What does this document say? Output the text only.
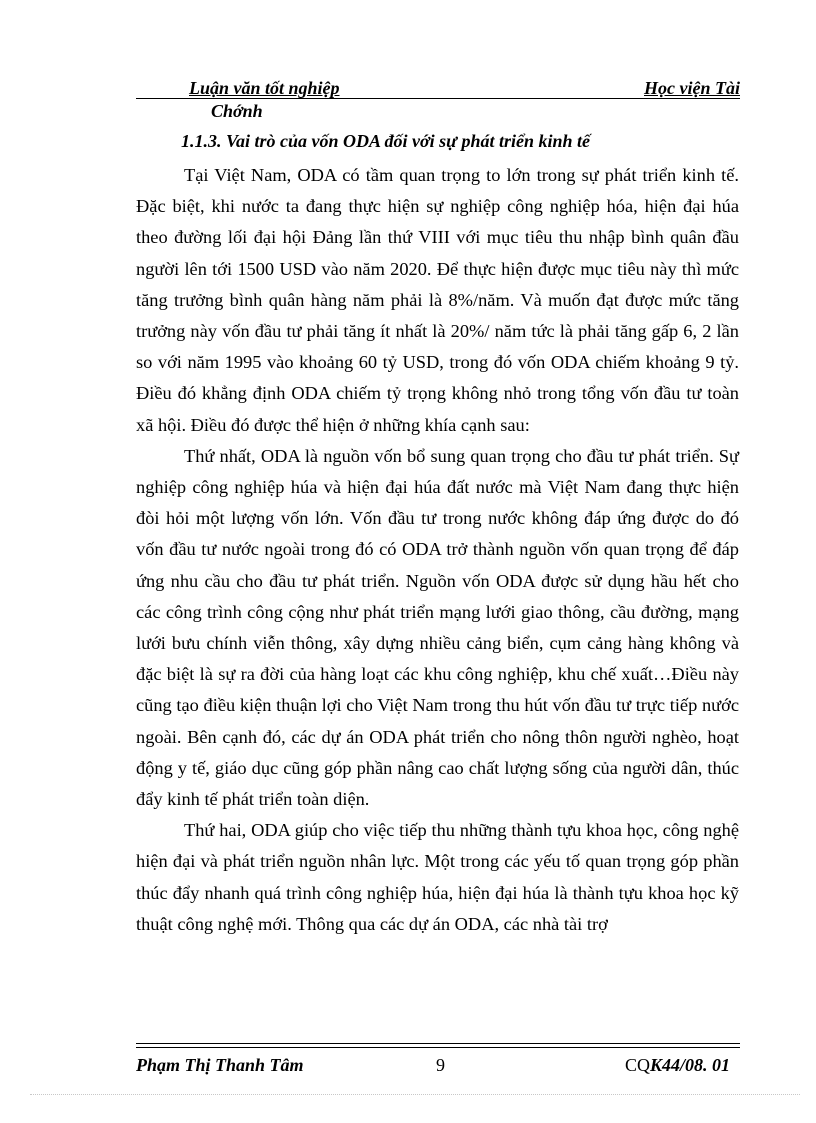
Luận văn tốt nghiệp	Học viện Tài
Chớnh
1.1.3. Vai trò của vốn ODA đối với sự phát triển kinh tế

Tại Việt Nam, ODA có tầm quan trọng to lớn trong sự phát triển kinh tế. Đặc biệt, khi nước ta đang thực hiện sự nghiệp công nghiệp hóa, hiện đại húa theo đường lối đại hội Đảng lần thứ VIII với mục tiêu thu nhập bình quân đầu người lên tới 1500 USD vào năm 2020. Để thực hiện được mục tiêu này thì mức tăng trưởng bình quân hàng năm phải là 8%/năm. Và muốn đạt được mức tăng trưởng này vốn đầu tư phải tăng ít nhất là 20%/ năm tức là phải tăng gấp 6, 2 lần so với năm 1995 vào khoảng 60 tỷ USD, trong đó vốn ODA chiếm khoảng 9 tỷ. Điều đó khẳng định ODA chiếm tỷ trọng không nhỏ trong tổng vốn đầu tư toàn xã hội. Điều đó được thể hiện ở những khía cạnh sau:

Thứ nhất, ODA là nguồn vốn bổ sung quan trọng cho đầu tư phát triển. Sự nghiệp công nghiệp húa và hiện đại húa đất nước mà Việt Nam đang thực hiện đòi hỏi một lượng vốn lớn. Vốn đầu tư trong nước không đáp ứng được do đó vốn đầu tư nước ngoài trong đó có ODA trở thành nguồn vốn quan trọng để đáp ứng nhu cầu cho đầu tư phát triển. Nguồn vốn ODA được sử dụng hầu hết cho các công trình công cộng như phát triển mạng lưới giao thông, cầu đường, mạng lưới bưu chính viễn thông, xây dựng nhiều cảng biển, cụm cảng hàng không và đặc biệt là sự ra đời của hàng loạt các khu công nghiệp, khu chế xuất…Điều này cũng tạo điều kiện thuận lợi cho Việt Nam trong thu hút vốn đầu tư trực tiếp nước ngoài. Bên cạnh đó, các dự án ODA phát triển cho nông thôn người nghèo, hoạt động y tế, giáo dục cũng góp phần nâng cao chất lượng sống của người dân, thúc đẩy kinh tế phát triển toàn diện.

Thứ hai, ODA giúp cho việc tiếp thu những thành tựu khoa học, công nghệ hiện đại và phát triển nguồn nhân lực. Một trong các yếu tố quan trọng góp phần thúc đẩy nhanh quá trình công nghiệp húa, hiện đại húa là thành tựu khoa học kỹ thuật công nghệ mới. Thông qua các dự án ODA, các nhà tài trợ

Phạm Thị Thanh Tâm	9	CQK44/08. 01
